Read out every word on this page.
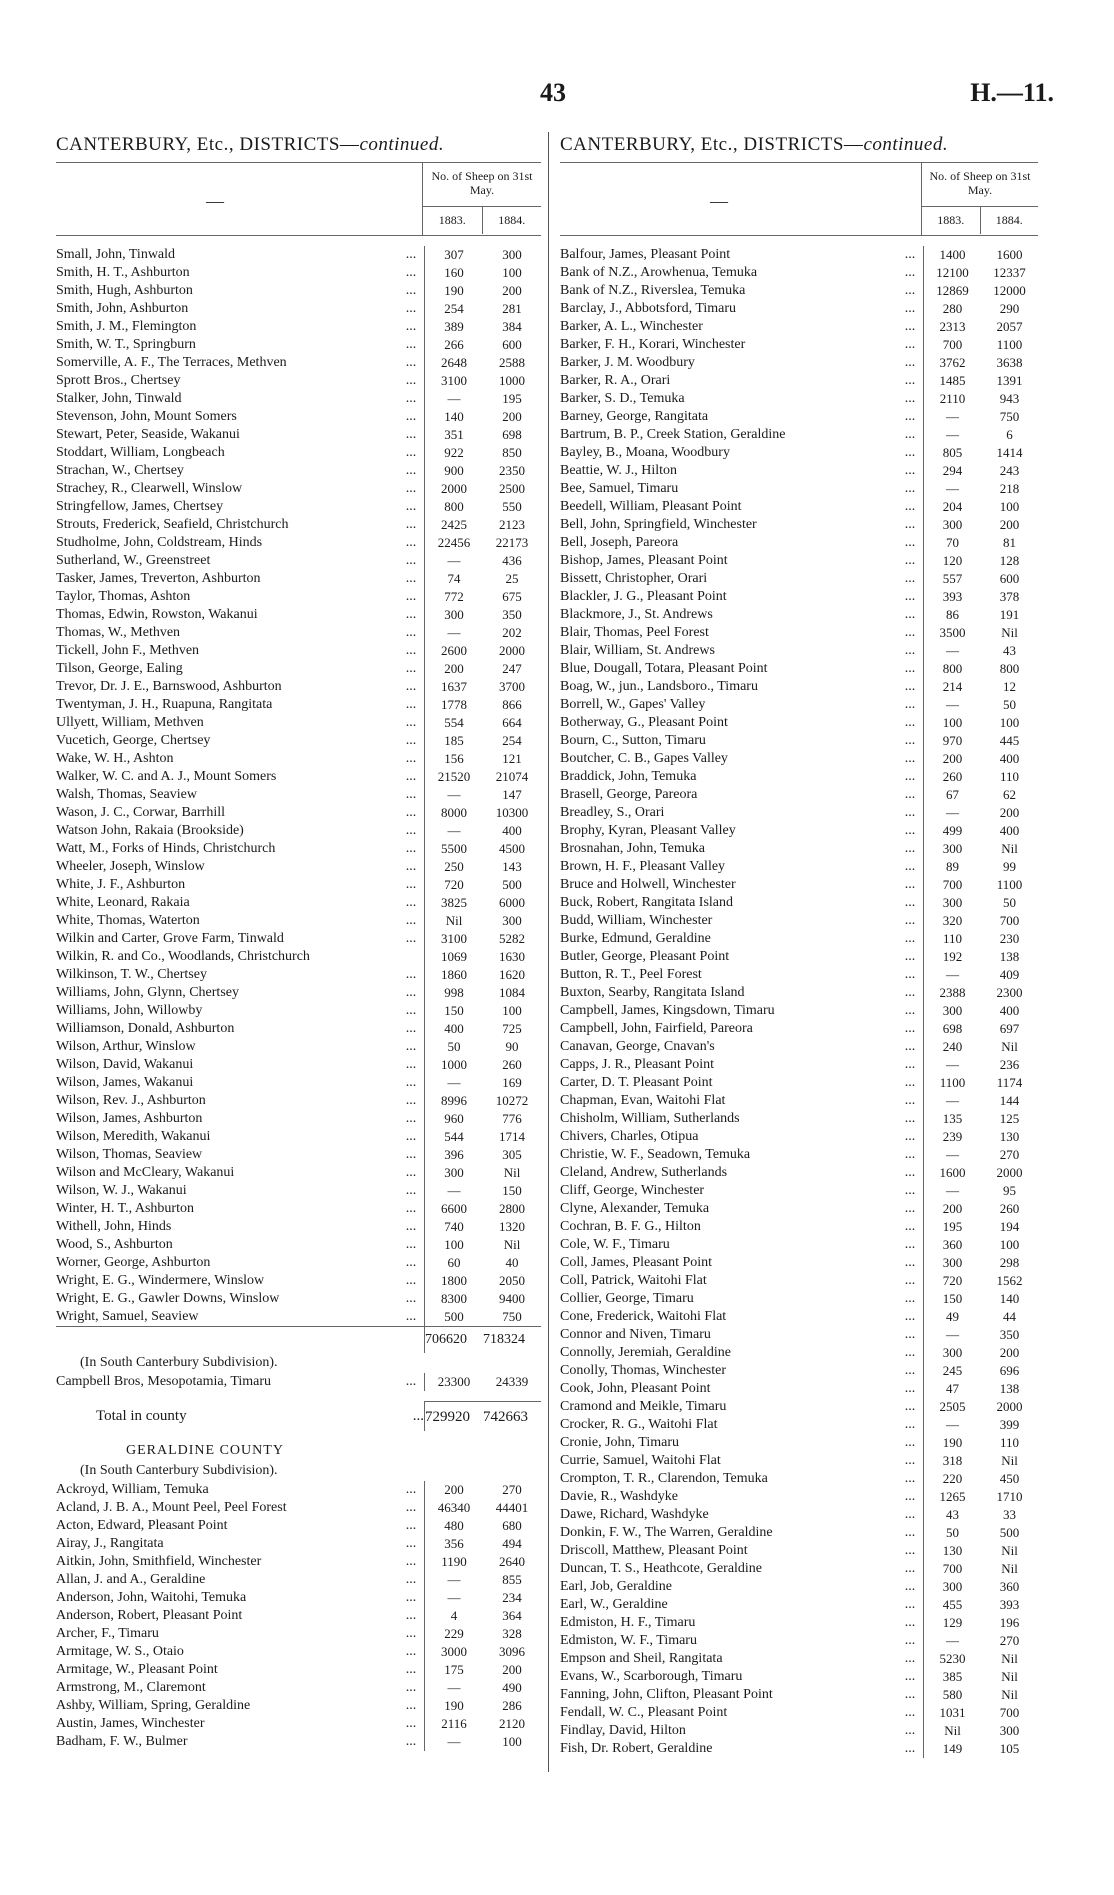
43	H.—11.
CANTERBURY, Etc., DISTRICTS—continued.
—
No. of Sheep on 31st May.
1883.	1884.
Small, John, Tinwald	...	307	300
Smith, H. T., Ashburton	...	160	100
Smith, Hugh, Ashburton	...	190	200
Smith, John, Ashburton	...	254	281
Smith, J. M., Flemington	...	389	384
Smith, W. T., Springburn	...	266	600
Somerville, A. F., The Terraces, Methven	...	2648	2588
Sprott Bros., Chertsey	...	3100	1000
Stalker, John, Tinwald	...	—	195
Stevenson, John, Mount Somers	...	140	200
Stewart, Peter, Seaside, Wakanui	...	351	698
Stoddart, William, Longbeach	...	922	850
Strachan, W., Chertsey	...	900	2350
Strachey, R., Clearwell, Winslow	...	2000	2500
Stringfellow, James, Chertsey	...	800	550
Strouts, Frederick, Seafield, Christchurch	...	2425	2123
Studholme, John, Coldstream, Hinds	...	22456	22173
Sutherland, W., Greenstreet	...	—	436
Tasker, James, Treverton, Ashburton	...	74	25
Taylor, Thomas, Ashton	...	772	675
Thomas, Edwin, Rowston, Wakanui	...	300	350
Thomas, W., Methven	...	—	202
Tickell, John F., Methven	...	2600	2000
Tilson, George, Ealing	...	200	247
Trevor, Dr. J. E., Barnswood, Ashburton	...	1637	3700
Twentyman, J. H., Ruapuna, Rangitata	...	1778	866
Ullyett, William, Methven	...	554	664
Vucetich, George, Chertsey	...	185	254
Wake, W. H., Ashton	...	156	121
Walker, W. C. and A. J., Mount Somers	...	21520	21074
Walsh, Thomas, Seaview	...	—	147
Wason, J. C., Corwar, Barrhill	...	8000	10300
Watson John, Rakaia (Brookside)	...	—	400
Watt, M., Forks of Hinds, Christchurch	...	5500	4500
Wheeler, Joseph, Winslow	...	250	143
White, J. F., Ashburton	...	720	500
White, Leonard, Rakaia	...	3825	6000
White, Thomas, Waterton	...	Nil	300
Wilkin and Carter, Grove Farm, Tinwald	...	3100	5282
Wilkin, R. and Co., Woodlands, Christchurch	1069	1630
Wilkinson, T. W., Chertsey	...	1860	1620
Williams, John, Glynn, Chertsey	...	998	1084
Williams, John, Willowby	...	150	100
Williamson, Donald, Ashburton	...	400	725
Wilson, Arthur, Winslow	...	50	90
Wilson, David, Wakanui	...	1000	260
Wilson, James, Wakanui	...	—	169
Wilson, Rev. J., Ashburton	...	8996	10272
Wilson, James, Ashburton	...	960	776
Wilson, Meredith, Wakanui	...	544	1714
Wilson, Thomas, Seaview	...	396	305
Wilson and McCleary, Wakanui	...	300	Nil
Wilson, W. J., Wakanui	...	—	150
Winter, H. T., Ashburton	...	6600	2800
Withell, John, Hinds	...	740	1320
Wood, S., Ashburton	...	100	Nil
Worner, George, Ashburton	...	60	40
Wright, E. G., Windermere, Winslow	...	1800	2050
Wright, E. G., Gawler Downs, Winslow	...	8300	9400
Wright, Samuel, Seaview	...	500	750
706620	718324
(In South Canterbury Subdivision).
Campbell Bros, Mesopotamia, Timaru	...	23300	24339
Total in county	... 729920 742663
GERALDINE COUNTY
(In South Canterbury Subdivision).
Ackroyd, William, Temuka	...	200	270
Acland, J. B. A., Mount Peel, Peel Forest	...	46340	44401
Acton, Edward, Pleasant Point	...	480	680
Airay, J., Rangitata	...	356	494
Aitkin, John, Smithfield, Winchester	...	1190	2640
Allan, J. and A., Geraldine	...	—	855
Anderson, John, Waitohi, Temuka	...	—	234
Anderson, Robert, Pleasant Point	...	4	364
Archer, F., Timaru	...	229	328
Armitage, W. S., Otaio	...	3000	3096
Armitage, W., Pleasant Point	...	175	200
Armstrong, M., Claremont	...	—	490
Ashby, William, Spring, Geraldine	...	190	286
Austin, James, Winchester	...	2116	2120
Badham, F. W., Bulmer	...	—	100
CANTERBURY, Etc., DISTRICTS—continued.
—
No. of Sheep on 31st May.
1883.	1884.
Balfour, James, Pleasant Point	...	1400	1600
Bank of N.Z., Arowhenua, Temuka	...	12100	12337
Bank of N.Z., Riverslea, Temuka	...	12869	12000
Barclay, J., Abbotsford, Timaru	...	280	290
Barker, A. L., Winchester	...	2313	2057
Barker, F. H., Korari, Winchester	...	700	1100
Barker, J. M. Woodbury	...	3762	3638
Barker, R. A., Orari	...	1485	1391
Barker, S. D., Temuka	...	2110	943
Barney, George, Rangitata	...	—	750
Bartrum, B. P., Creek Station, Geraldine	...	—	6
Bayley, B., Moana, Woodbury	...	805	1414
Beattie, W. J., Hilton	...	294	243
Bee, Samuel, Timaru	...	—	218
Beedell, William, Pleasant Point	...	204	100
Bell, John, Springfield, Winchester	...	300	200
Bell, Joseph, Pareora	...	70	81
Bishop, James, Pleasant Point	...	120	128
Bissett, Christopher, Orari	...	557	600
Blackler, J. G., Pleasant Point	...	393	378
Blackmore, J., St. Andrews	...	86	191
Blair, Thomas, Peel Forest	...	3500	Nil
Blair, William, St. Andrews	...	—	43
Blue, Dougall, Totara, Pleasant Point	...	800	800
Boag, W., jun., Landsboro., Timaru	...	214	12
Borrell, W., Gapes' Valley	...	—	50
Botherway, G., Pleasant Point	...	100	100
Bourn, C., Sutton, Timaru	...	970	445
Boutcher, C. B., Gapes Valley	...	200	400
Braddick, John, Temuka	...	260	110
Brasell, George, Pareora	...	67	62
Breadley, S., Orari	...	—	200
Brophy, Kyran, Pleasant Valley	...	499	400
Brosnahan, John, Temuka	...	300	Nil
Brown, H. F., Pleasant Valley	...	89	99
Bruce and Holwell, Winchester	...	700	1100
Buck, Robert, Rangitata Island	...	300	50
Budd, William, Winchester	...	320	700
Burke, Edmund, Geraldine	...	110	230
Butler, George, Pleasant Point	...	192	138
Button, R. T., Peel Forest	...	—	409
Buxton, Searby, Rangitata Island	...	2388	2300
Campbell, James, Kingsdown, Timaru	...	300	400
Campbell, John, Fairfield, Pareora	...	698	697
Canavan, George, Cnavan's	...	240	Nil
Capps, J. R., Pleasant Point	...	—	236
Carter, D. T. Pleasant Point	...	1100	1174
Chapman, Evan, Waitohi Flat	...	—	144
Chisholm, William, Sutherlands	...	135	125
Chivers, Charles, Otipua	...	239	130
Christie, W. F., Seadown, Temuka	...	—	270
Cleland, Andrew, Sutherlands	...	1600	2000
Cliff, George, Winchester	...	—	95
Clyne, Alexander, Temuka	...	200	260
Cochran, B. F. G., Hilton	...	195	194
Cole, W. F., Timaru	...	360	100
Coll, James, Pleasant Point	...	300	298
Coll, Patrick, Waitohi Flat	...	720	1562
Collier, George, Timaru	...	150	140
Cone, Frederick, Waitohi Flat	...	49	44
Connor and Niven, Timaru	...	—	350
Connolly, Jeremiah, Geraldine	...	300	200
Conolly, Thomas, Winchester	...	245	696
Cook, John, Pleasant Point	...	47	138
Cramond and Meikle, Timaru	...	2505	2000
Crocker, R. G., Waitohi Flat	...	—	399
Cronie, John, Timaru	...	190	110
Currie, Samuel, Waitohi Flat	...	318	Nil
Crompton, T. R., Clarendon, Temuka	...	220	450
Davie, R., Washdyke	...	1265	1710
Dawe, Richard, Washdyke	...	43	33
Donkin, F. W., The Warren, Geraldine	...	50	500
Driscoll, Matthew, Pleasant Point	...	130	Nil
Duncan, T. S., Heathcote, Geraldine	...	700	Nil
Earl, Job, Geraldine	...	300	360
Earl, W., Geraldine	...	455	393
Edmiston, H. F., Timaru	...	129	196
Edmiston, W. F., Timaru	...	—	270
Empson and Sheil, Rangitata	...	5230	Nil
Evans, W., Scarborough, Timaru	...	385	Nil
Fanning, John, Clifton, Pleasant Point	...	580	Nil
Fendall, W. C., Pleasant Point	...	1031	700
Findlay, David, Hilton	...	Nil	300
Fish, Dr. Robert, Geraldine	...	149	105
